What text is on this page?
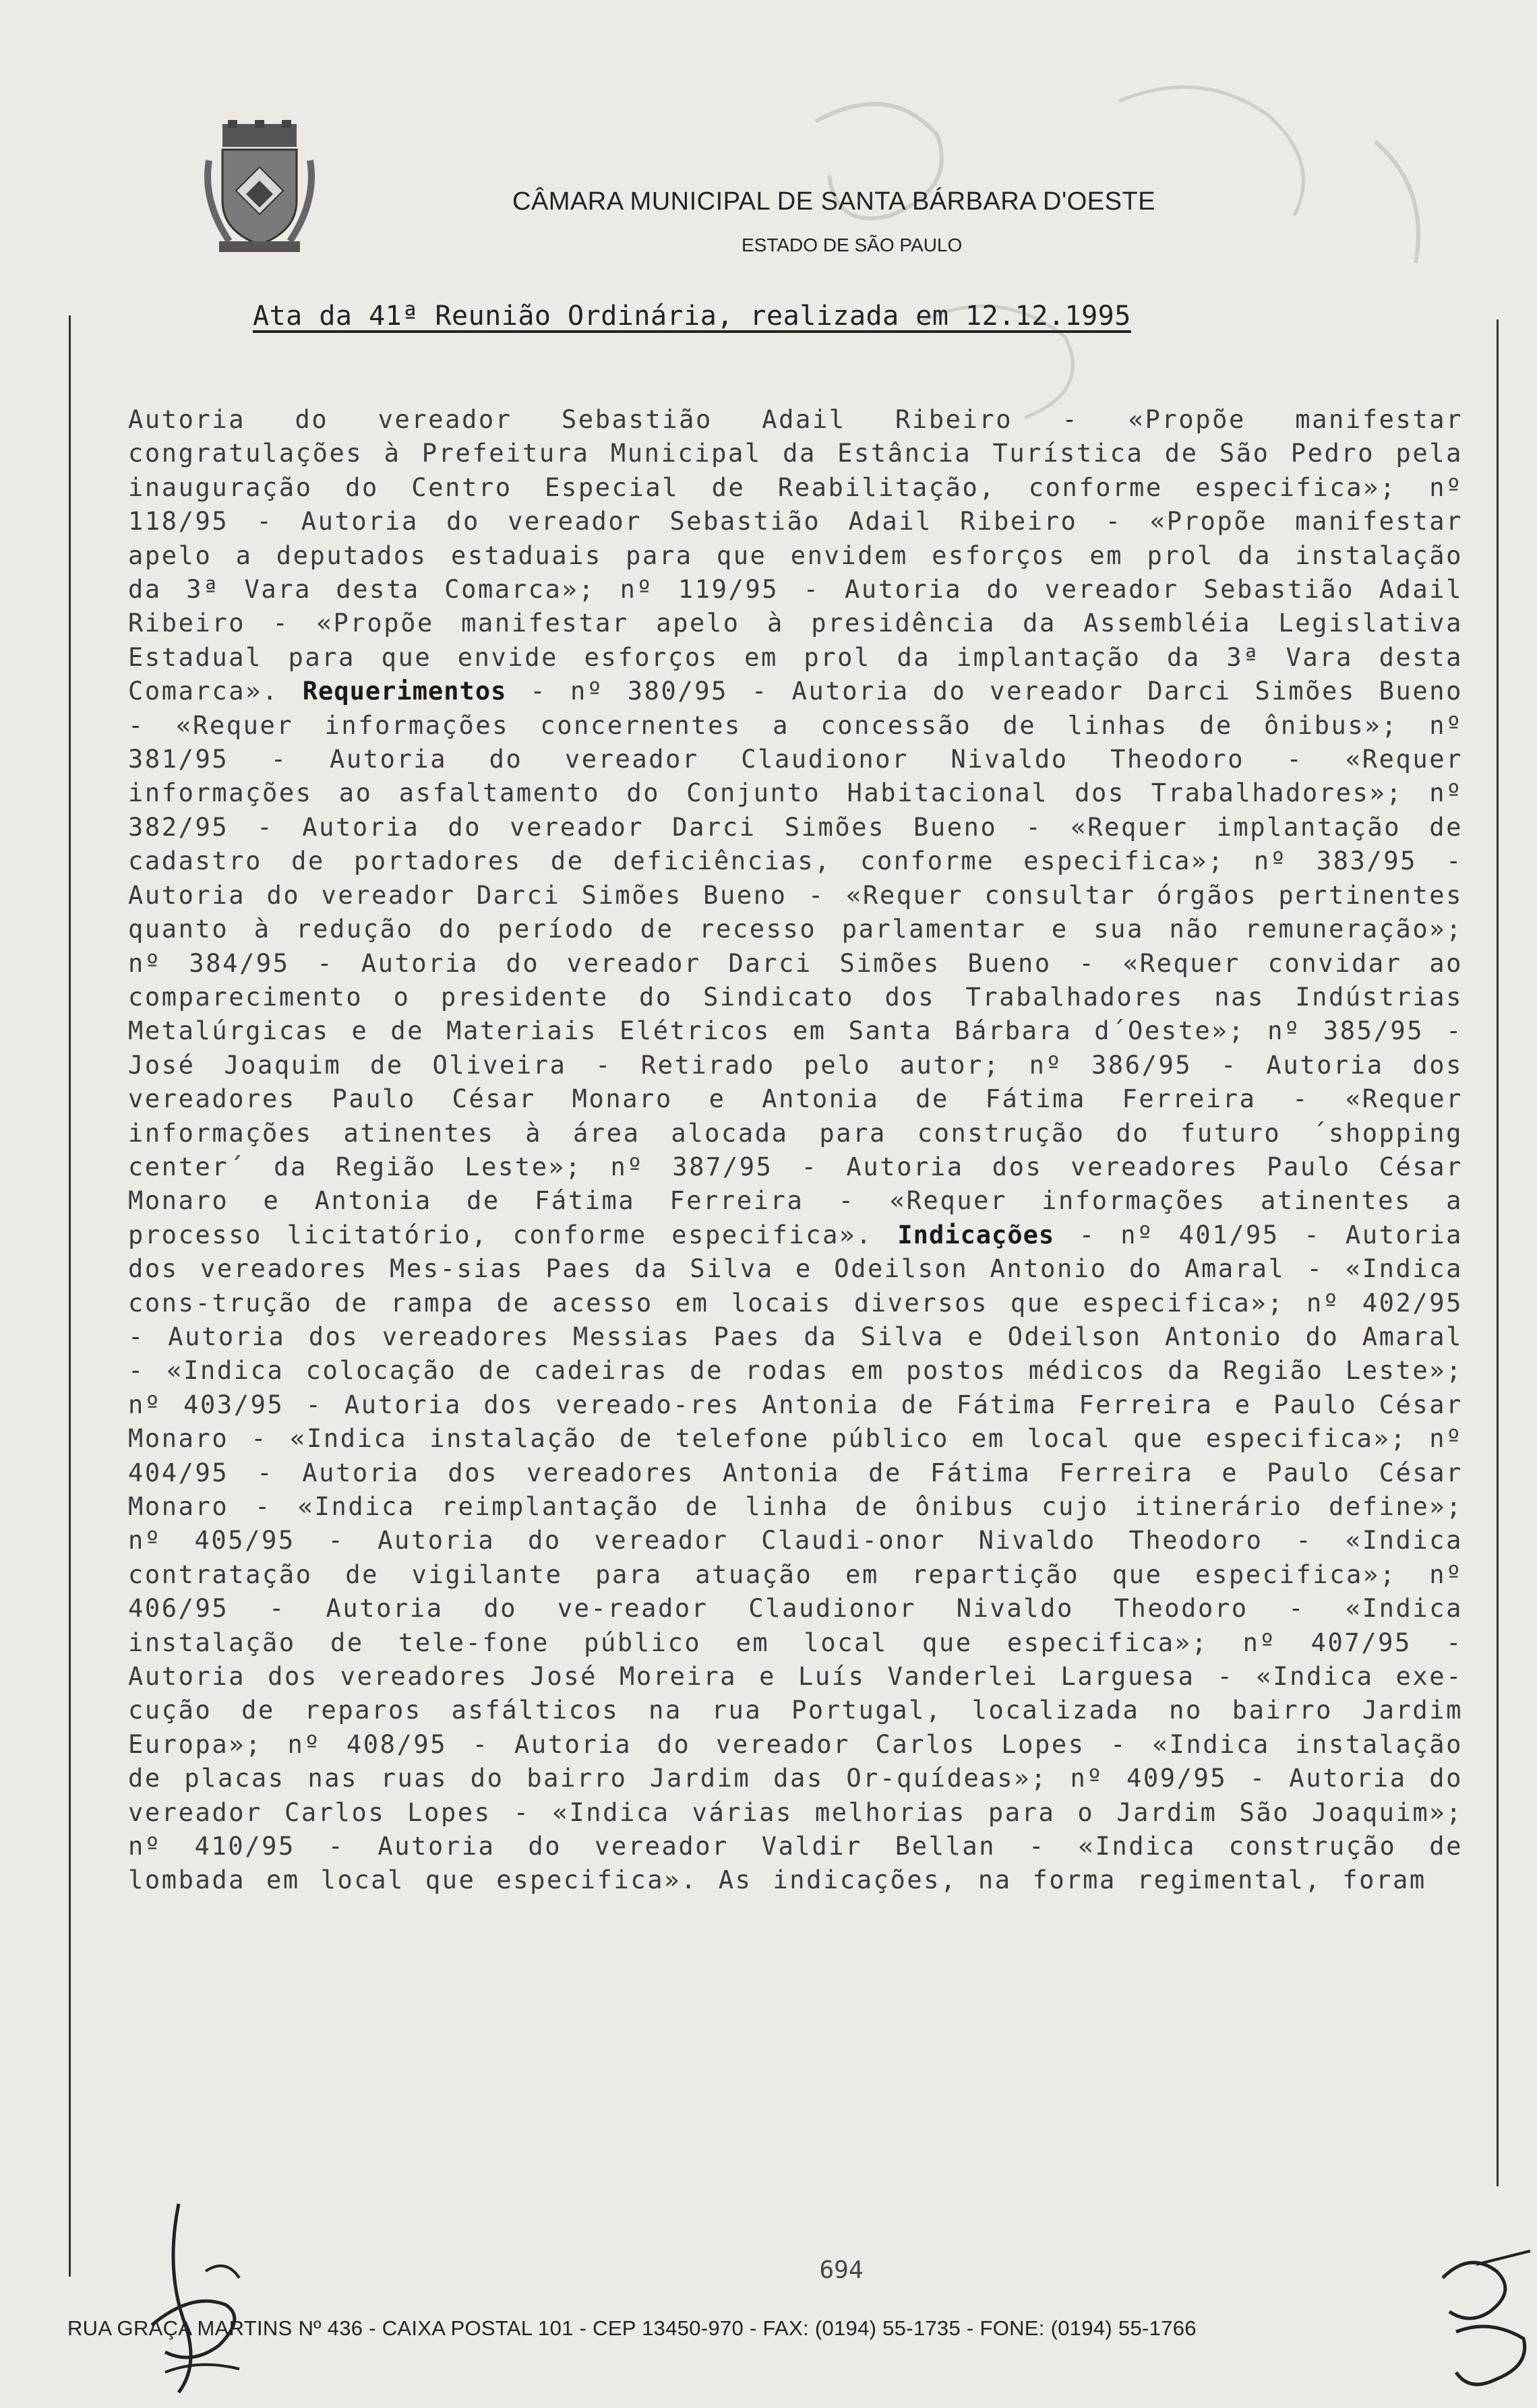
CÂMARA MUNICIPAL DE SANTA BÁRBARA D'OESTE
ESTADO DE SÃO PAULO
Ata da 41ª Reunião Ordinária, realizada em 12.12.1995
Autoria do vereador Sebastião Adail Ribeiro - «Propõe manifestar congratulações à Prefeitura Municipal da Estância Turística de São Pedro pela inauguração do Centro Especial de Reabilitação, conforme especifica»; nº 118/95 - Autoria do vereador Sebastião Adail Ribeiro - «Propõe manifestar apelo a deputados estaduais para que envidem esforços em prol da instalação da 3ª Vara desta Comarca»; nº 119/95 - Autoria do vereador Sebastião Adail Ribeiro - «Propõe manifestar apelo à presidência da Assembléia Legislativa Estadual para que envide esforços em prol da implantação da 3ª Vara desta Comarca». Requerimentos - nº 380/95 - Autoria do vereador Darci Simões Bueno - «Requer informações concernentes a concessão de linhas de ônibus»; nº 381/95 - Autoria do vereador Claudionor Nivaldo Theodoro - «Requer informações ao asfaltamento do Conjunto Habitacional dos Trabalhadores»; nº 382/95 - Autoria do vereador Darci Simões Bueno - «Requer implantação de cadastro de portadores de deficiências, conforme especifica»; nº 383/95 - Autoria do vereador Darci Simões Bueno - «Requer consultar órgãos pertinentes quanto à redução do período de recesso parlamentar e sua não remuneração»; nº 384/95 - Autoria do vereador Darci Simões Bueno - «Requer convidar ao comparecimento o presidente do Sindicato dos Trabalhadores nas Indústrias Metalúrgicas e de Materiais Elétricos em Santa Bárbara d´Oeste»; nº 385/95 - José Joaquim de Oliveira - Retirado pelo autor; nº 386/95 - Autoria dos vereadores Paulo César Monaro e Antonia de Fátima Ferreira - «Requer informações atinentes à área alocada para construção do futuro ´shopping center´ da Região Leste»; nº 387/95 - Autoria dos vereadores Paulo César Monaro e Antonia de Fátima Ferreira - «Requer informações atinentes a processo licitatório, conforme especifica». Indicações - nº 401/95 - Autoria dos vereadores Mes-sias Paes da Silva e Odeilson Antonio do Amaral - «Indica cons-trução de rampa de acesso em locais diversos que especifica»; nº 402/95 - Autoria dos vereadores Messias Paes da Silva e Odeilson Antonio do Amaral - «Indica colocação de cadeiras de rodas em postos médicos da Região Leste»; nº 403/95 - Autoria dos vereado-res Antonia de Fátima Ferreira e Paulo César Monaro - «Indica instalação de telefone público em local que especifica»; nº 404/95 - Autoria dos vereadores Antonia de Fátima Ferreira e Paulo César Monaro - «Indica reimplantação de linha de ônibus cujo itinerário define»; nº 405/95 - Autoria do vereador Claudi-onor Nivaldo Theodoro - «Indica contratação de vigilante para atuação em repartição que especifica»; nº 406/95 - Autoria do ve-reador Claudionor Nivaldo Theodoro - «Indica instalação de tele-fone público em local que especifica»; nº 407/95 - Autoria dos vereadores José Moreira e Luís Vanderlei Larguesa - «Indica exe-cução de reparos asfálticos na rua Portugal, localizada no bairro Jardim Europa»; nº 408/95 - Autoria do vereador Carlos Lopes - «Indica instalação de placas nas ruas do bairro Jardim das Or-quídeas»; nº 409/95 - Autoria do vereador Carlos Lopes - «Indica várias melhorias para o Jardim São Joaquim»; nº 410/95 - Autoria do vereador Valdir Bellan - «Indica construção de lombada em local que especifica». As indicações, na forma regimental, foram
694
RUA GRAÇA MARTINS Nº 436 - CAIXA POSTAL 101 - CEP 13450-970 - FAX: (0194) 55-1735 - FONE: (0194) 55-1766
